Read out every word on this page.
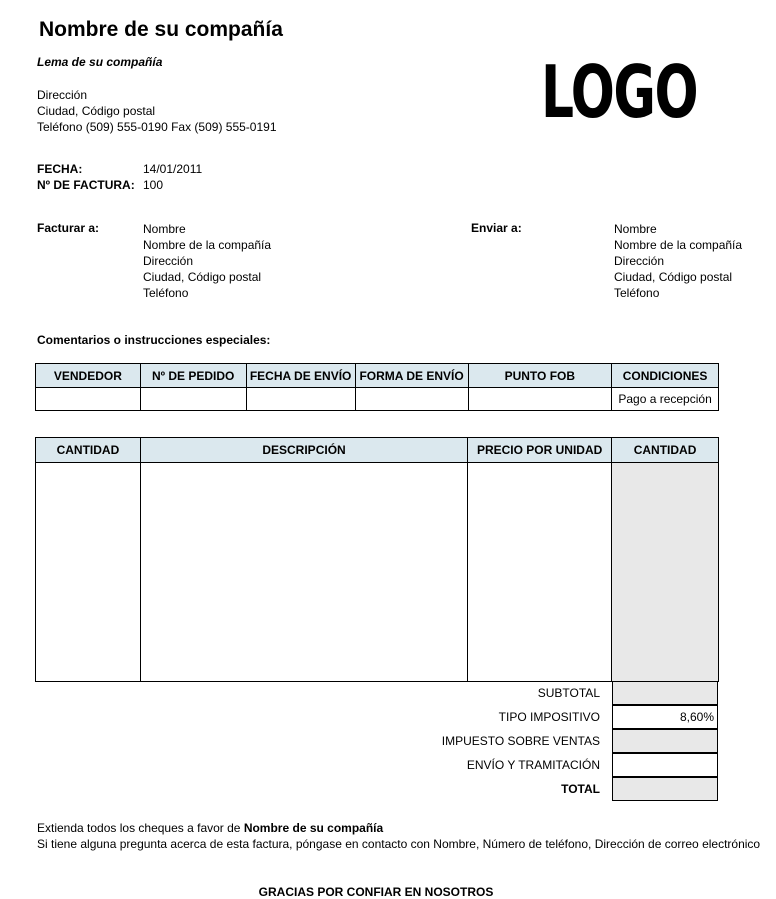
Nombre de su compañía
Lema de su compañía
Dirección
Ciudad, Código postal
Teléfono (509) 555-0190 Fax (509) 555-0191	LOGO
FECHA:	14/01/2011
Nº DE FACTURA: 100
Facturar a:	Nombre
Nombre de la compañía
Dirección
Ciudad, Código postal
Teléfono
Enviar a:	Nombre
Nombre de la compañía
Dirección
Ciudad, Código postal
Teléfono
Comentarios o instrucciones especiales:
VENDEDOR	Nº DE PEDIDO	FECHA DE ENVÍO	FORMA DE ENVÍO	PUNTO FOB	CONDICIONES
					Pago a recepción
CANTIDAD	DESCRIPCIÓN	PRECIO POR UNIDAD	CANTIDAD

SUBTOTAL
TIPO IMPOSITIVO	8,60%
IMPUESTO SOBRE VENTAS
ENVÍO Y TRAMITACIÓN
TOTAL
Extienda todos los cheques a favor de Nombre de su compañía
Si tiene alguna pregunta acerca de esta factura, póngase en contacto con Nombre, Número de teléfono, Dirección de correo electrónico
GRACIAS POR CONFIAR EN NOSOTROS
